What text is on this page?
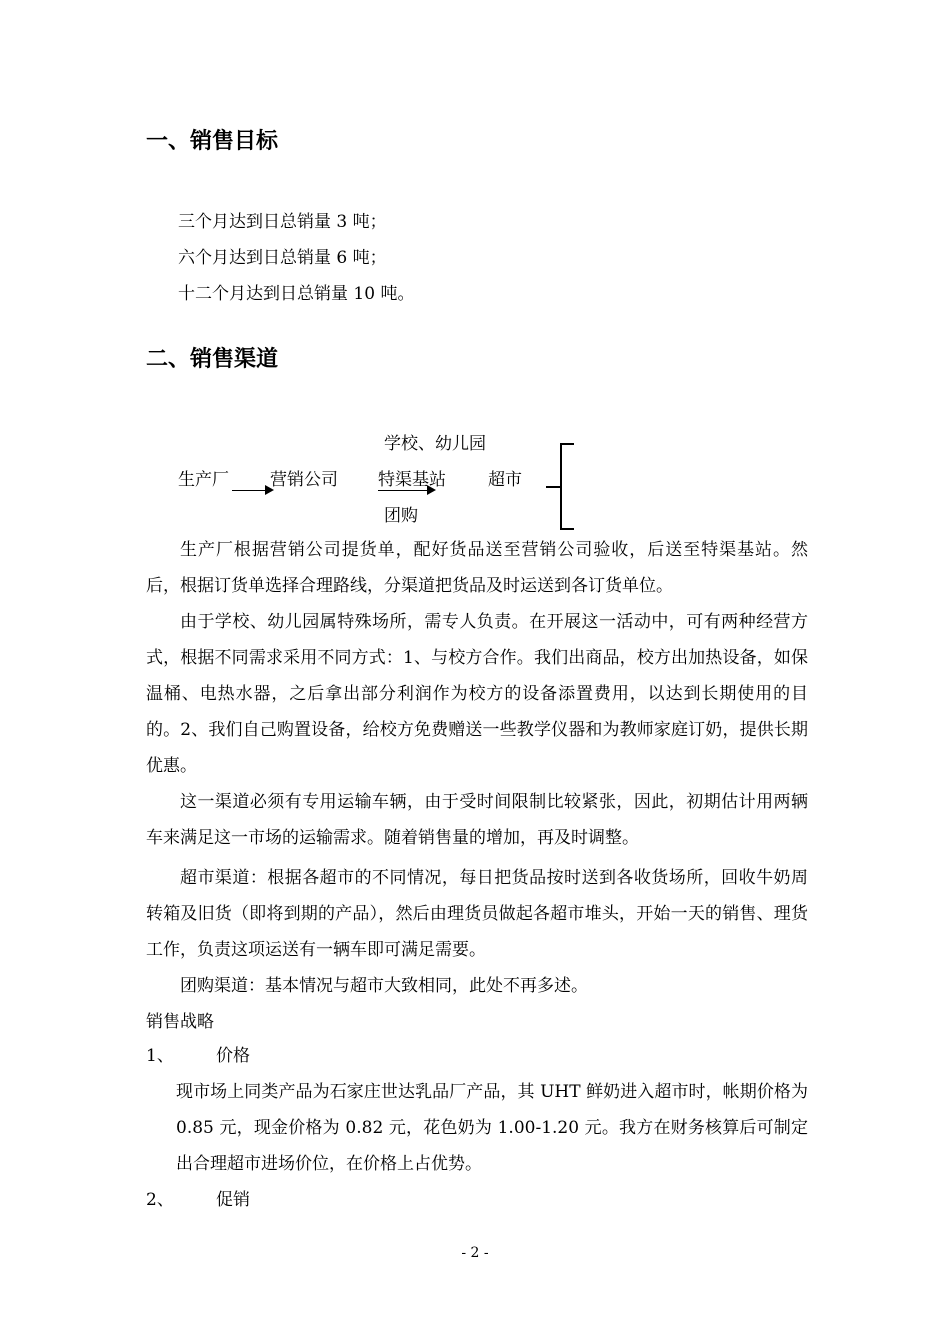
一、销售目标
三个月达到日总销量 3 吨；
六个月达到日总销量 6 吨；
十二个月达到日总销量 10 吨。
二、销售渠道
生产厂 营销公司
学校、幼儿园
特渠基站 超市
团购

生产厂根据营销公司提货单，配好货品送至营销公司验收，后送至特渠基站。然后，根据订货单选择合理路线，分渠道把货品及时运送到各订货单位。

由于学校、幼儿园属特殊场所，需专人负责。在开展这一活动中，可有两种经营方式，根据不同需求采用不同方式：1、与校方合作。我们出商品，校方出加热设备，如保温桶、电热水器，之后拿出部分利润作为校方的设备添置费用，以达到长期使用的目的。2、我们自己购置设备，给校方免费赠送一些教学仪器和为教师家庭订奶，提供长期优惠。

这一渠道必须有专用运输车辆，由于受时间限制比较紧张，因此，初期估计用两辆车来满足这一市场的运输需求。随着销售量的增加，再及时调整。

超市渠道：根据各超市的不同情况，每日把货品按时送到各收货场所，回收牛奶周转箱及旧货（即将到期的产品），然后由理货员做起各超市堆头，开始一天的销售、理货工作，负责这项运送有一辆车即可满足需要。

团购渠道：基本情况与超市大致相同，此处不再多述。

销售战略
1、 价格

现市场上同类产品为石家庄世达乳品厂产品，其 UHT 鲜奶进入超市时，帐期价格为 0.85 元，现金价格为 0.82 元，花色奶为 1.00-1.20 元。我方在财务核算后可制定出合理超市进场价位，在价格上占优势。

2、 促销
- 2 -
